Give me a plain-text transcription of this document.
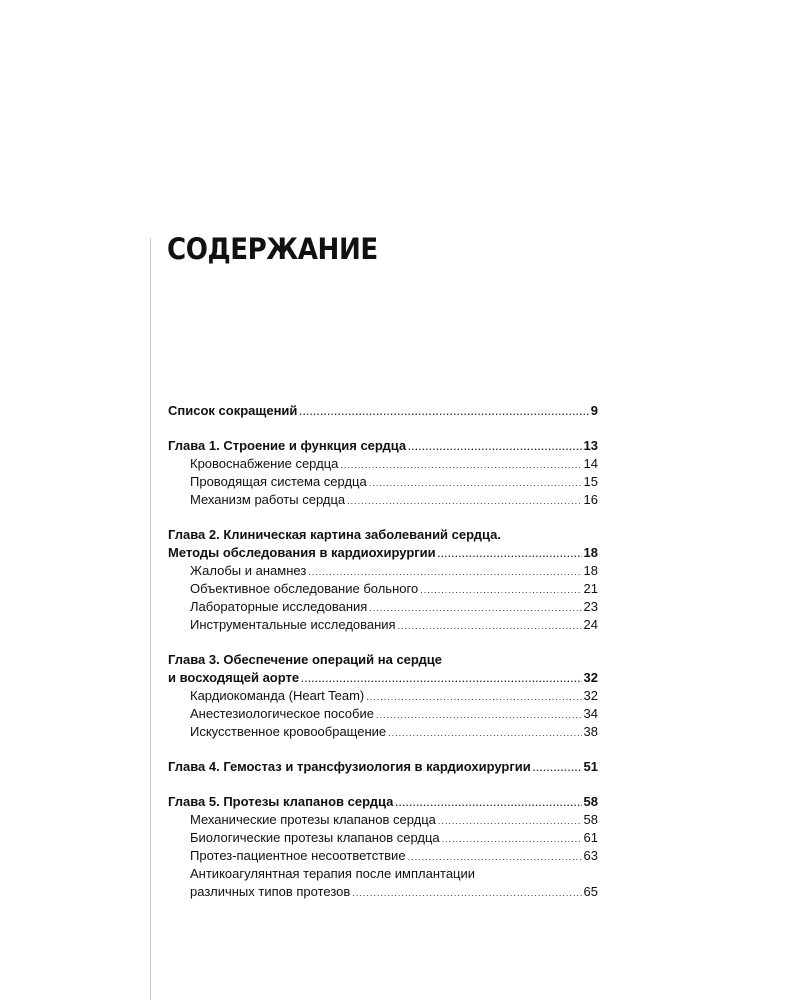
СОДЕРЖАНИЕ
Список сокращений .....	9
Глава 1. Строение и функция сердца .....	13
Кровоснабжение сердца .....	14
Проводящая система сердца .....	15
Механизм работы сердца .....	16
Глава 2. Клиническая картина заболеваний сердца.
Методы обследования в кардиохирургии .....	18
Жалобы и анамнез .....	18
Объективное обследование больного .....	21
Лабораторные исследования .....	23
Инструментальные исследования .....	24
Глава 3. Обеспечение операций на сердце
и восходящей аорте .....	32
Кардиокоманда (Heart Team) .....	32
Анестезиологическое пособие .....	34
Искусственное кровообращение .....	38
Глава 4. Гемостаз и трансфузиология в кардиохирургии .....	51
Глава 5. Протезы клапанов сердца .....	58
Механические протезы клапанов сердца .....	58
Биологические протезы клапанов сердца .....	61
Протез-пациентное несоответствие .....	63
Антикоагулянтная терапия после имплантации
различных типов протезов .....	65
